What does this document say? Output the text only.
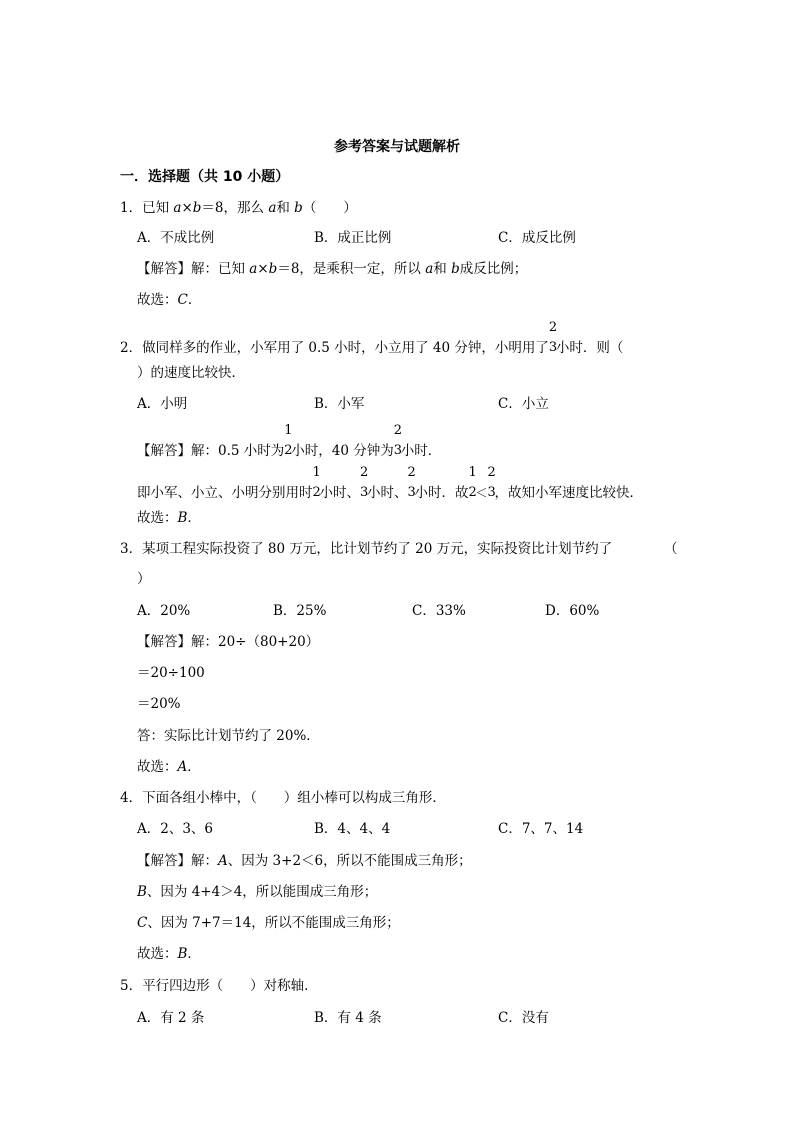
参考答案与试题解析
一．选择题（共 10 小题）
1．已知 a×b＝8，那么 a和 b（　　）
A．不成比例	B．成正比例	C．成反比例
【解答】解：已知 a×b＝8，是乘积一定，所以 a和 b成反比例；
故选：C．
2．做同样多的作业，小军用了 0.5 小时，小立用了 40 分钟，小明用了
2
3
小时．则（
）的速度比较快．
A．小明	B．小军	C．小立
【解答】解：0.5 小时为
1
2
小时，40 分钟为
2
3
小时．
即小军、小立、小明分别用时
1
2
小时、
2
3
小时、
2
3
小时．故
1
2
＜
2
3
，故知小军速度比较快．
故选：B．
3．某项工程实际投资了 80 万元，比计划节约了 20 万元，实际投资比计划节约了	（
）
A．20%	B．25%	C．33%	D．60%
【解答】解：20÷（80+20）
＝20÷100
＝20%
答：实际比计划节约了 20%．
故选：A．
4．下面各组小棒中，（　　）组小棒可以构成三角形．
A．2、3、6	B．4、4、4	C．7、7、14
【解答】解：A、因为 3+2＜6，所以不能围成三角形；
B、因为 4+4＞4，所以能围成三角形；
C、因为 7+7＝14，所以不能围成三角形；
故选：B．
5．平行四边形（　　）对称轴．
A．有 2 条	B．有 4 条	C．没有
